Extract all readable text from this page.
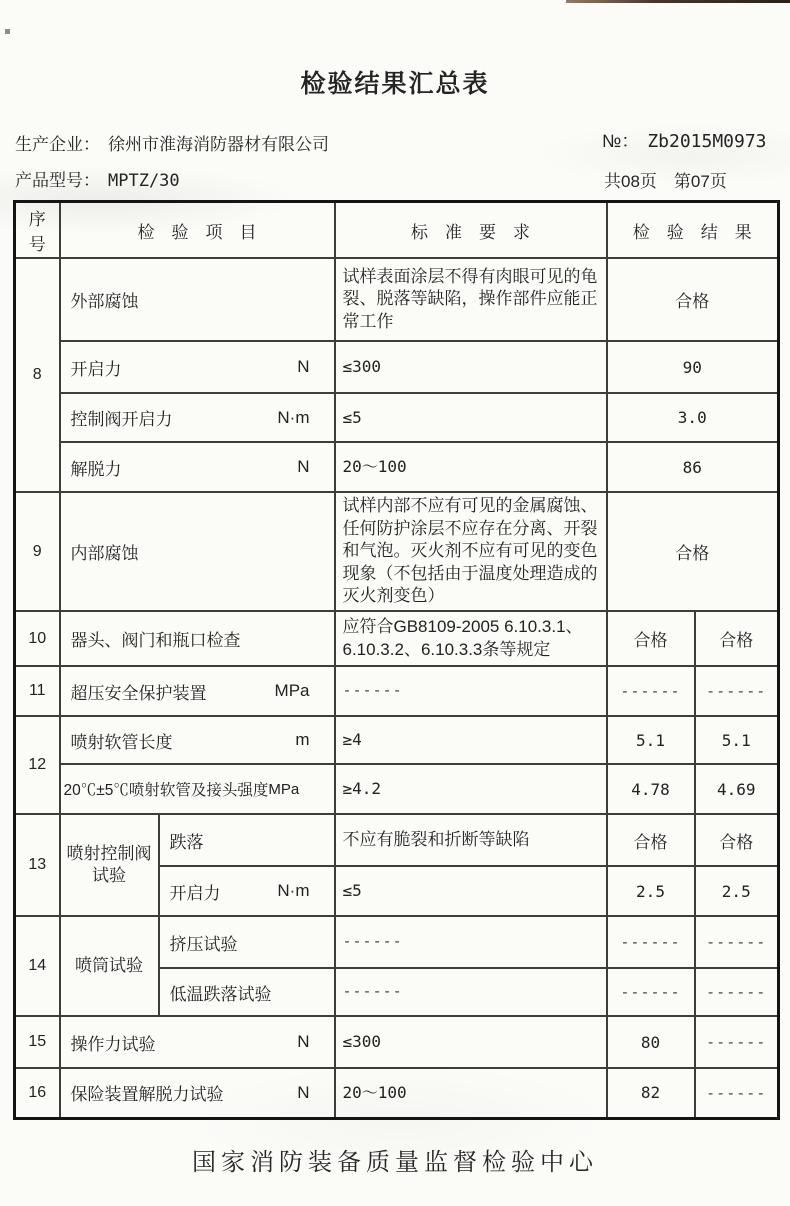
检验结果汇总表
生产企业： 徐州市淮海消防器材有限公司	№： Zb2015M0973
产品型号： MPTZ/30	共08页　第07页
序号	检　验　项　目		标　准　要　求	检　验　结　果	
8	外部腐蚀		试样表面涂层不得有肉眼可见的龟裂、脱落等缺陷，操作部件应能正常工作	合格	

	开启力 N		≤300	90	

	控制阀开启力 N·m		≤5	3.0	

	解脱力 N		20～100	86	
9	内部腐蚀		试样内部不应有可见的金属腐蚀、任何防护涂层不应存在分离、开裂和气泡。灭火剂不应有可见的变色现象（不包括由于温度处理造成的灭火剂变色）	合格	
10	器头、阀门和瓶口检查		应符合GB8109-2005 6.10.3.1、6.10.3.2、6.10.3.3条等规定	合格	合格
11	超压安全保护装置 MPa		------	------	------
12	喷射软管长度 m		≥4	5.1	5.1

	20℃±5℃喷射软管及接头强度 MPa		≥4.2	4.78	4.69
13	喷射控制阀试验	跌落	不应有脆裂和折断等缺陷	合格	合格

		开启力 N·m	≤5	2.5	2.5
14	喷筒试验	挤压试验	------	------	------
		低温跌落试验	------	------	------
15	操作力试验 N		≤300	80	------
16	保险装置解脱力试验 N		20～100	82	------
国家消防装备质量监督检验中心
